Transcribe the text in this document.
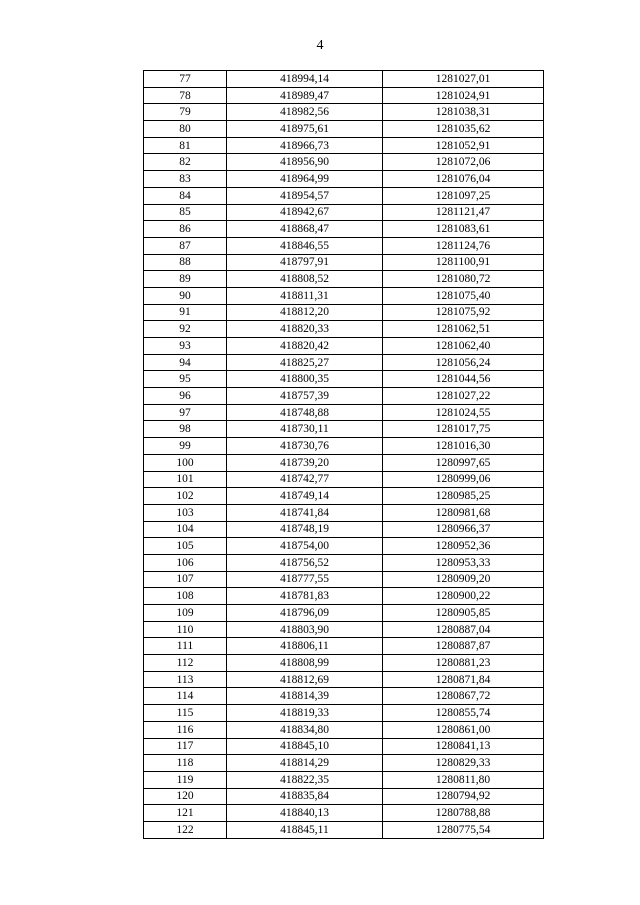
4
77	418994,14	1281027,01
78	418989,47	1281024,91
79	418982,56	1281038,31
80	418975,61	1281035,62
81	418966,73	1281052,91
82	418956,90	1281072,06
83	418964,99	1281076,04
84	418954,57	1281097,25
85	418942,67	1281121,47
86	418868,47	1281083,61
87	418846,55	1281124,76
88	418797,91	1281100,91
89	418808,52	1281080,72
90	418811,31	1281075,40
91	418812,20	1281075,92
92	418820,33	1281062,51
93	418820,42	1281062,40
94	418825,27	1281056,24
95	418800,35	1281044,56
96	418757,39	1281027,22
97	418748,88	1281024,55
98	418730,11	1281017,75
99	418730,76	1281016,30
100	418739,20	1280997,65
101	418742,77	1280999,06
102	418749,14	1280985,25
103	418741,84	1280981,68
104	418748,19	1280966,37
105	418754,00	1280952,36
106	418756,52	1280953,33
107	418777,55	1280909,20
108	418781,83	1280900,22
109	418796,09	1280905,85
110	418803,90	1280887,04
111	418806,11	1280887,87
112	418808,99	1280881,23
113	418812,69	1280871,84
114	418814,39	1280867,72
115	418819,33	1280855,74
116	418834,80	1280861,00
117	418845,10	1280841,13
118	418814,29	1280829,33
119	418822,35	1280811,80
120	418835,84	1280794,92
121	418840,13	1280788,88
122	418845,11	1280775,54
